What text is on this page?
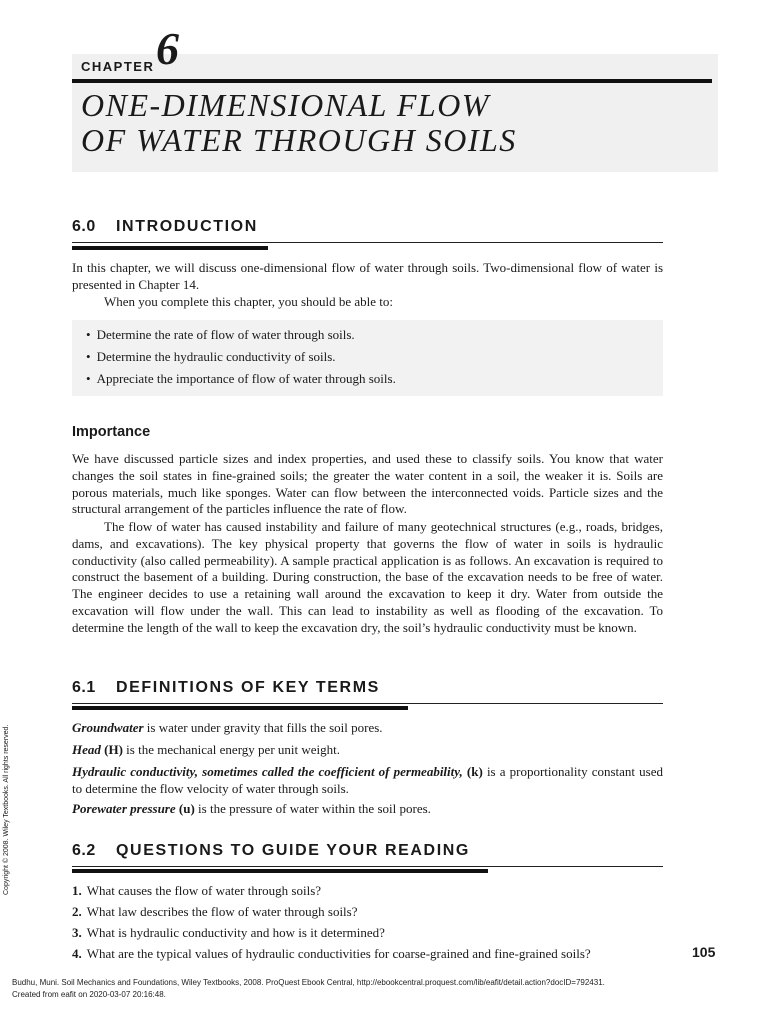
CHAPTER 6
ONE-DIMENSIONAL FLOW
OF WATER THROUGH SOILS
6.0 INTRODUCTION
In this chapter, we will discuss one-dimensional flow of water through soils. Two-dimensional flow of water is presented in Chapter 14.
When you complete this chapter, you should be able to:
• Determine the rate of flow of water through soils.
• Determine the hydraulic conductivity of soils.
• Appreciate the importance of flow of water through soils.
Importance
We have discussed particle sizes and index properties, and used these to classify soils. You know that water changes the soil states in fine-grained soils; the greater the water content in a soil, the weaker it is. Soils are porous materials, much like sponges. Water can flow between the interconnected voids. Particle sizes and the structural arrangement of the particles influence the rate of flow.
The flow of water has caused instability and failure of many geotechnical structures (e.g., roads, bridges, dams, and excavations). The key physical property that governs the flow of water in soils is hydraulic conductivity (also called permeability). A sample practical application is as follows. An excavation is required to construct the basement of a building. During construction, the base of the excavation needs to be free of water. The engineer decides to use a retaining wall around the excavation to keep it dry. Water from outside the excavation will flow under the wall. This can lead to instability as well as flooding of the excavation. To determine the length of the wall to keep the excavation dry, the soil’s hydraulic conductivity must be known.
6.1 DEFINITIONS OF KEY TERMS
Groundwater is water under gravity that fills the soil pores.
Head (H) is the mechanical energy per unit weight.
Hydraulic conductivity, sometimes called the coefficient of permeability, (k) is a proportionality constant used to determine the flow velocity of water through soils.
Porewater pressure (u) is the pressure of water within the soil pores.
6.2 QUESTIONS TO GUIDE YOUR READING
1. What causes the flow of water through soils?
2. What law describes the flow of water through soils?
3. What is hydraulic conductivity and how is it determined?
4. What are the typical values of hydraulic conductivities for coarse-grained and fine-grained soils?	105
Copyright © 2008. Wiley Textbooks. All rights reserved.
Budhu, Muni. Soil Mechanics and Foundations, Wiley Textbooks, 2008. ProQuest Ebook Central, http://ebookcentral.proquest.com/lib/eafit/detail.action?docID=792431.
Created from eafit on 2020-03-07 20:16:48.
